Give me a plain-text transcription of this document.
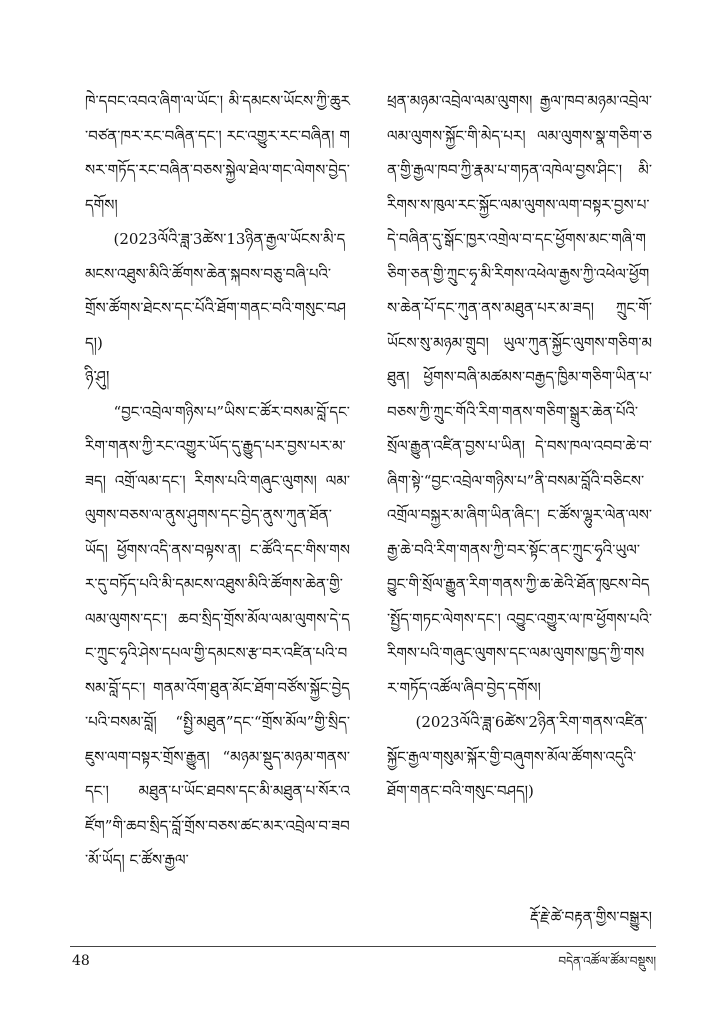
ཁེ་དབང་འབའ་ཞིག་ལ་ཡོང་། མི་དམངས་ཡོངས་ཀྱི་ཆུར་བཙན་ཁར་རང་བཞིན་དང་། རང་འགྱུར་རང་བཞིན། གསར་གཏོད་རང་བཞིན་བཅས་སྐྱེལ་ཐེལ་གང་ལེགས་བྱེད་དགོས།

(2023ལོའི་ཟླ་3ཚེས་13ཉིན་རྒྱལ་ཡོངས་མི་དམངས་འཐུས་མིའི་ཚོགས་ཆེན་སྐབས་བཅུ་བཞི་པའི་གྲོས་ཚོགས་ཐེངས་དང་པོའི་ཐོག་གནང་བའི་གསུང་བཤད།)

ཉི་ཤུ།

“བྱང་འབྲེལ་གཉིས་པ”ཡིས་ང་ཚོར་བསམ་བློ་དང་རིག་གནས་ཀྱི་རང་འགྱུར་ཡོད་དུ་རྒྱུད་པར་བྱས་པར་མ་ཟད། འགྲོ་ལམ་དང་། རིགས་པའི་གཞུང་ལུགས། ལམ་ལུགས་བཅས་ལ་ནུས་ཤུགས་དང་བྱེད་ནུས་ཀུན་ཐོན་ཡོད། ཕྱོགས་འདི་ནས་བལྟས་ན། ང་ཚོའི་དང་གིས་གསར་དུ་བཏོད་པའི་མི་དམངས་འཐུས་མིའི་ཚོགས་ཆེན་གྱི་ལམ་ལུགས་དང་། ཆབ་སྲིད་གྲོས་མོལ་ལམ་ལུགས་དེ་དང་ཀྲུང་ཧྭའི་ཤེས་དཔལ་གྱི་དམངས་རྩ་བར་འཛིན་པའི་བསམ་བློ་དང་། གནམ་འོག་ཐུན་མོང་ཐོག་བཙོས་སྐྱོང་བྱེད་པའི་བསམ་བློ། “སྤྱི་མཐུན”དང་“གྲོས་མོལ”གྱི་སྲིད་ཇུས་ལག་བསྟར་གྲོས་རྒྱུན། “མཉམ་སྡུད་མཉམ་གནས་དང་། མཐུན་པ་ཡོང་ཐབས་དང་མི་མཐུན་པ་སོར་འཛོག”གི་ཆབ་སྲིད་བློ་གྲོས་བཅས་ཚང་མར་འབྲེལ་བ་ཟབ་མོ་ཡོད། ང་ཚོས་རྒྱལ་

ཕྲན་མཉམ་འབྲེལ་ལམ་ལུགས། རྒྱལ་ཁབ་མཉམ་འབྲེལ་ལམ་ལུགས་སྐྱོང་གི་མེད་པར། ལམ་ལུགས་སྣ་གཅིག་ཅན་གྱི་རྒྱལ་ཁབ་ཀྱི་རྣམ་པ་གཏན་འཁེལ་བྱས་ཤིང་། མི་རིགས་ས་ཁུལ་རང་སྐྱོང་ལམ་ལུགས་ལག་བསྟར་བྱས་པ་དེ་བཞིན་དུ་སྒོང་ཁྱར་འགྲེལ་བ་དང་ཕྱོགས་མང་གཞི་གཅིག་ཅན་གྱི་ཀྲུང་ཧྭ་མི་རིགས་འཕེལ་རྒྱས་ཀྱི་འཕེལ་ཕྱོགས་ཆེན་པོ་དང་ཀུན་ནས་མཐུན་པར་མ་ཟད། ཀྲུང་གོ་ཡོངས་སུ་མཉམ་གྲུབ། ཡུལ་ཀུན་སྐྱོང་ལུགས་གཅིག་མཐུན། ཕྱོགས་བཞི་མཚམས་བརྒྱད་ཁྱིམ་གཅིག་ཡིན་པ་བཅས་ཀྱི་ཀྲུང་གོའི་རིག་གནས་གཅིག་སྒྲུར་ཆེན་པོའི་སྲོལ་རྒྱུན་འཛིན་བྱས་པ་ཡིན། དེ་བས་ཁལ་འབབ་ཆེ་བ་ཞིག་སྟེ་“བྱང་འབྲེལ་གཉིས་པ”ནི་བསམ་བློའི་བཅིངས་འགྲོལ་བསྐྱར་མ་ཞིག་ཡིན་ཞིང་། ང་ཚོས་ལྷུར་ལེན་ལས་རྒྱ་ཆེ་བའི་རིག་གནས་ཀྱི་བར་སྟོང་ནང་ཀྲུང་ཧྭའི་ཡུལ་བྱུང་གི་སྲོལ་རྒྱུན་རིག་གནས་ཀྱི་ཆ་ཆེའི་ཐོན་ཁུངས་བེད་སྤྱོད་གཏང་ལེགས་དང་། འབྱུང་འགྱུར་ལ་ཁ་ཕྱོགས་པའི་རིགས་པའི་གཞུང་ལུགས་དང་ལམ་ལུགས་ཁྱད་ཀྱི་གསར་གཏོད་འཚོལ་ཞིབ་བྱེད་དགོས།

(2023ལོའི་ཟླ་6ཚེས་2ཉིན་རིག་གནས་འཛིན་སྐྱོང་རྒྱལ་གསུམ་སྐོར་གྱི་བཞུགས་མོལ་ཚོགས་འདུའི་ཐོག་གནང་བའི་གསུང་བཤད།)

རྡོ་རྗེ་ཚེ་བརྟན་གྱིས་བསྒྱུར།
48	བདེན་འཚོལ་ཚོམ་བསྡུས།
